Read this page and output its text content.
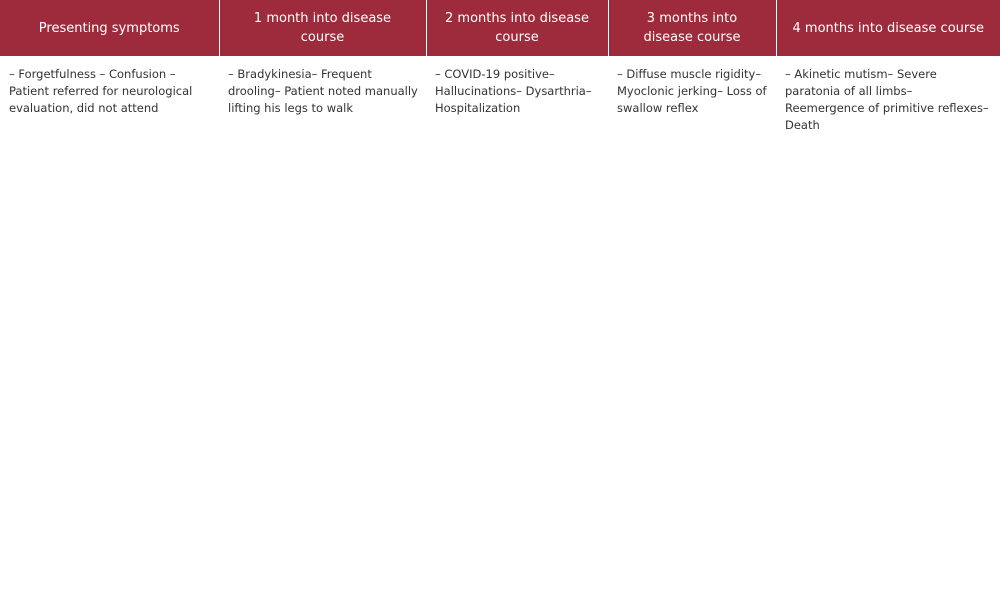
Presenting symptoms	1 month into disease course	2 months into disease course	3 months into disease course	4 months into disease course
– Forgetfulness – Confusion – Patient referred for neurological evaluation, did not attend	– Bradykinesia– Frequent drooling– Patient noted manually lifting his legs to walk	– COVID-19 positive– Hallucinations– Dysarthria– Hospitalization	– Diffuse muscle rigidity– Myoclonic jerking– Loss of swallow reflex	– Akinetic mutism– Severe paratonia of all limbs– Reemergence of primitive reflexes– Death
